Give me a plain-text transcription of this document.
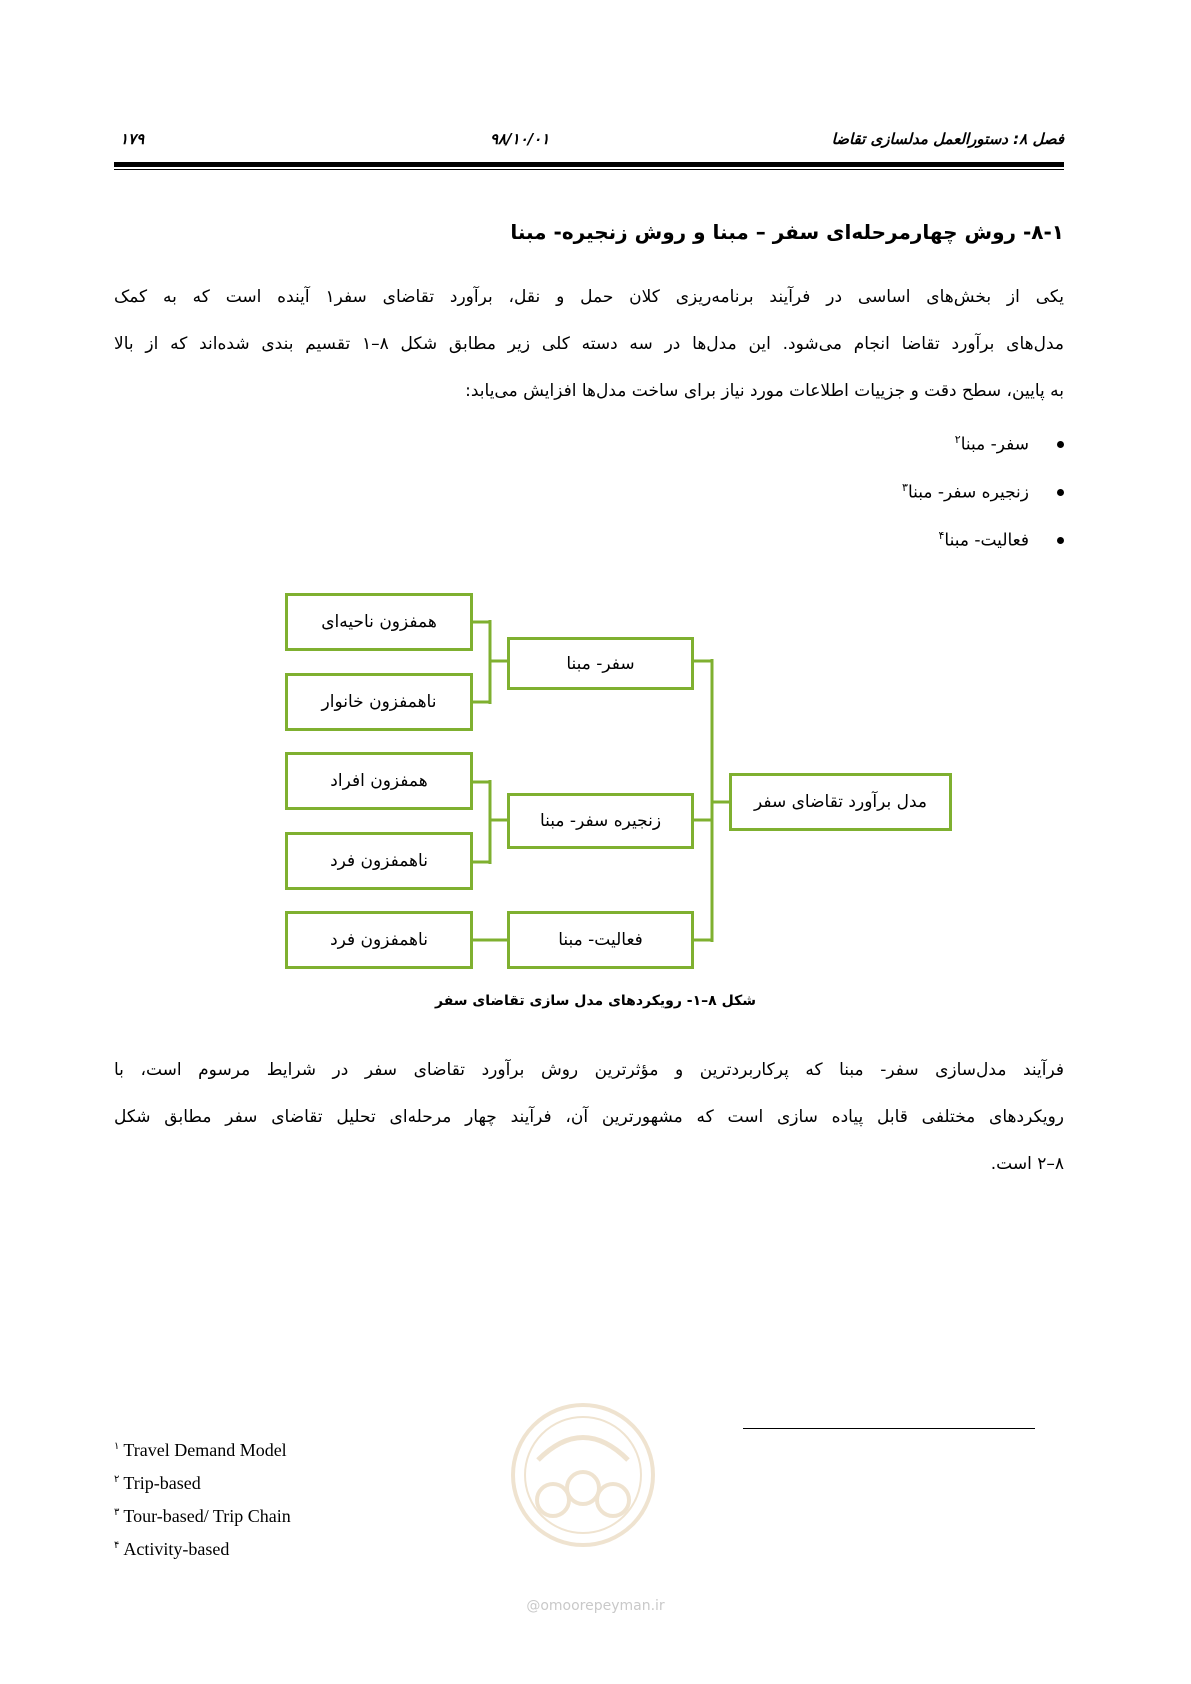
۱۷۹	۹۸/۱۰/۰۱	فصل ۸: دستورالعمل مدلسازی تقاضا
۸-۱- روش چهارمرحله‌ای سفر – مبنا و روش زنجیره- مبنا
یکی از بخش‌های اساسی در فرآیند برنامه‌ریزی کلان حمل و نقل، برآورد تقاضای سفر۱ آینده است که به کمک
مدل‌های برآورد تقاضا انجام می‌شود. این مدل‌ها در سه دسته کلی زیر مطابق شکل ۸–۱ تقسیم بندی شده‌اند که از بالا
به پایین، سطح دقت و جزییات اطلاعات مورد نیاز برای ساخت مدل‌ها افزایش می‌یابد:
سفر- مبنا$^۲$
زنجیره سفر- مبنا$^۳$
فعالیت- مبنا$^۴$
همفزون ناحیه‌ای
ناهمفزون خانوار
همفزون افراد
ناهمفزون فرد
ناهمفزون فرد
سفر- مبنا
زنجیره سفر- مبنا
فعالیت- مبنا
مدل برآورد تقاضای سفر
شکل ۸–۱- رویکردهای مدل سازی تقاضای سفر
فرآیند مدل‌سازی سفر- مبنا که پرکاربردترین و مؤثرترین روش برآورد تقاضای سفر در شرایط مرسوم است، با
رویکردهای مختلفی قابل پیاده سازی است که مشهورترین آن، فرآیند چهار مرحله‌ای تحلیل تقاضای سفر مطابق شکل
۸–۲ است.
@omoorepeyman.ir
$^۱$ Travel Demand Model
$^۲$ Trip-based
$^۳$ Tour-based/ Trip Chain
$^۴$ Activity-based
